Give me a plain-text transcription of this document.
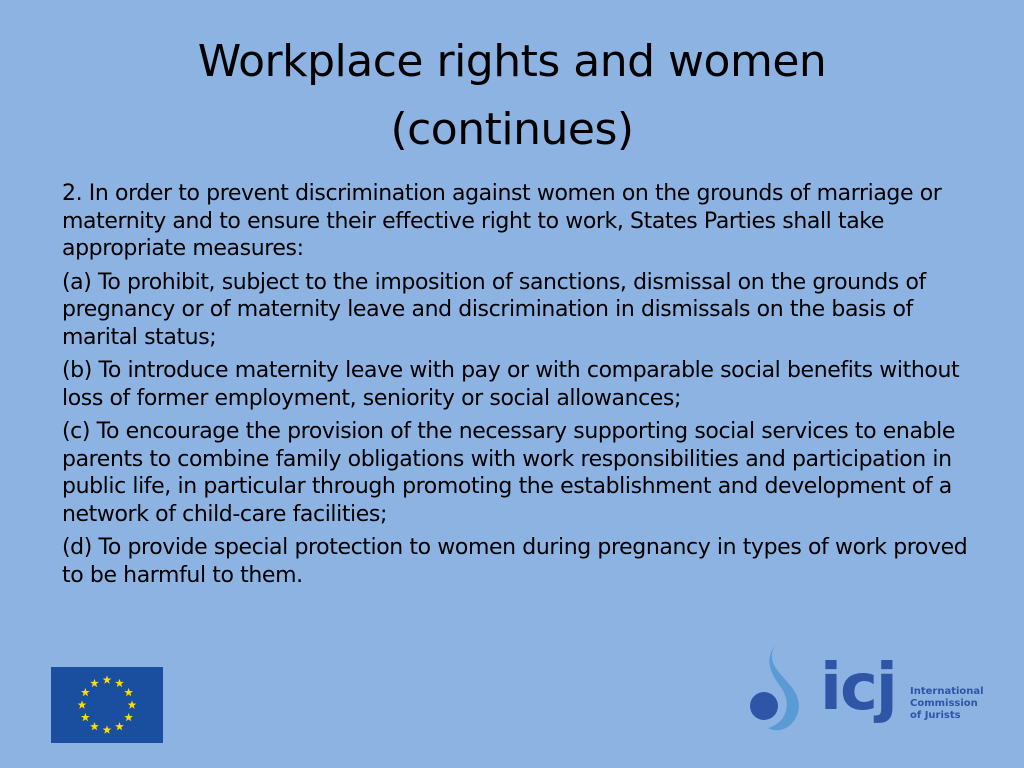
Workplace rights and women
(continues)

2. In order to prevent discrimination against women on the grounds of marriage or maternity and to ensure their effective right to work, States Parties shall take appropriate measures:

(a) To prohibit, subject to the imposition of sanctions, dismissal on the grounds of pregnancy or of maternity leave and discrimination in dismissals on the basis of marital status;

(b) To introduce maternity leave with pay or with comparable social benefits without loss of former employment, seniority or social allowances;

(c) To encourage the provision of the necessary supporting social services to enable parents to combine family obligations with work responsibilities and participation in public life, in particular through promoting the establishment and development of a network of child-care facilities;

(d) To provide special protection to women during pregnancy in types of work proved to be harmful to them.

icj International
Commission
of Jurists
